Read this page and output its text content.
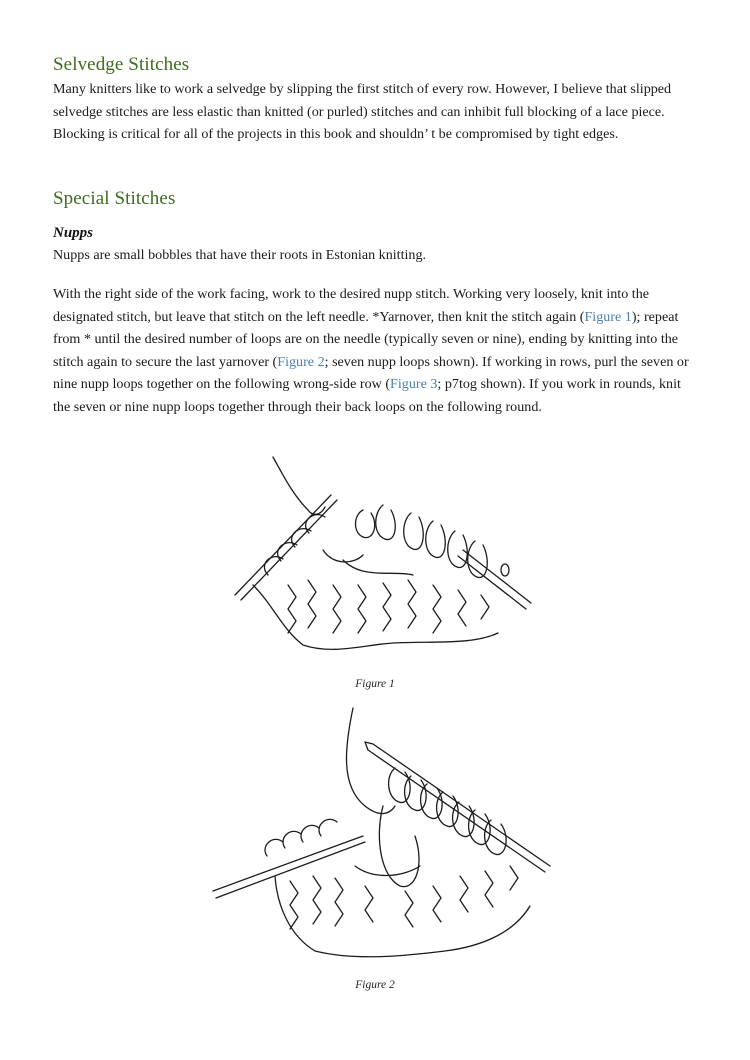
Selvedge Stitches

Many knitters like to work a selvedge by slipping the first stitch of every row. However, I believe that slipped selvedge stitches are less elastic than knitted (or purled) stitches and can inhibit full blocking of a lace piece. Blocking is critical for all of the projects in this book and shouldn’ t be compromised by tight edges.

Special Stitches
Nupps

Nupps are small bobbles that have their roots in Estonian knitting.

With the right side of the work facing, work to the desired nupp stitch. Working very loosely, knit into the designated stitch, but leave that stitch on the left needle. *Yarnover, then knit the stitch again (Figure 1); repeat from * until the desired number of loops are on the needle (typically seven or nine), ending by knitting into the stitch again to secure the last yarnover (Figure 2; seven nupp loops shown). If working in rows, purl the seven or nine nupp loops together on the following wrong-side row (Figure 3; p7tog shown). If you work in rounds, knit the seven or nine nupp loops together through their back loops on the following round.

Figure 1
Figure 2
